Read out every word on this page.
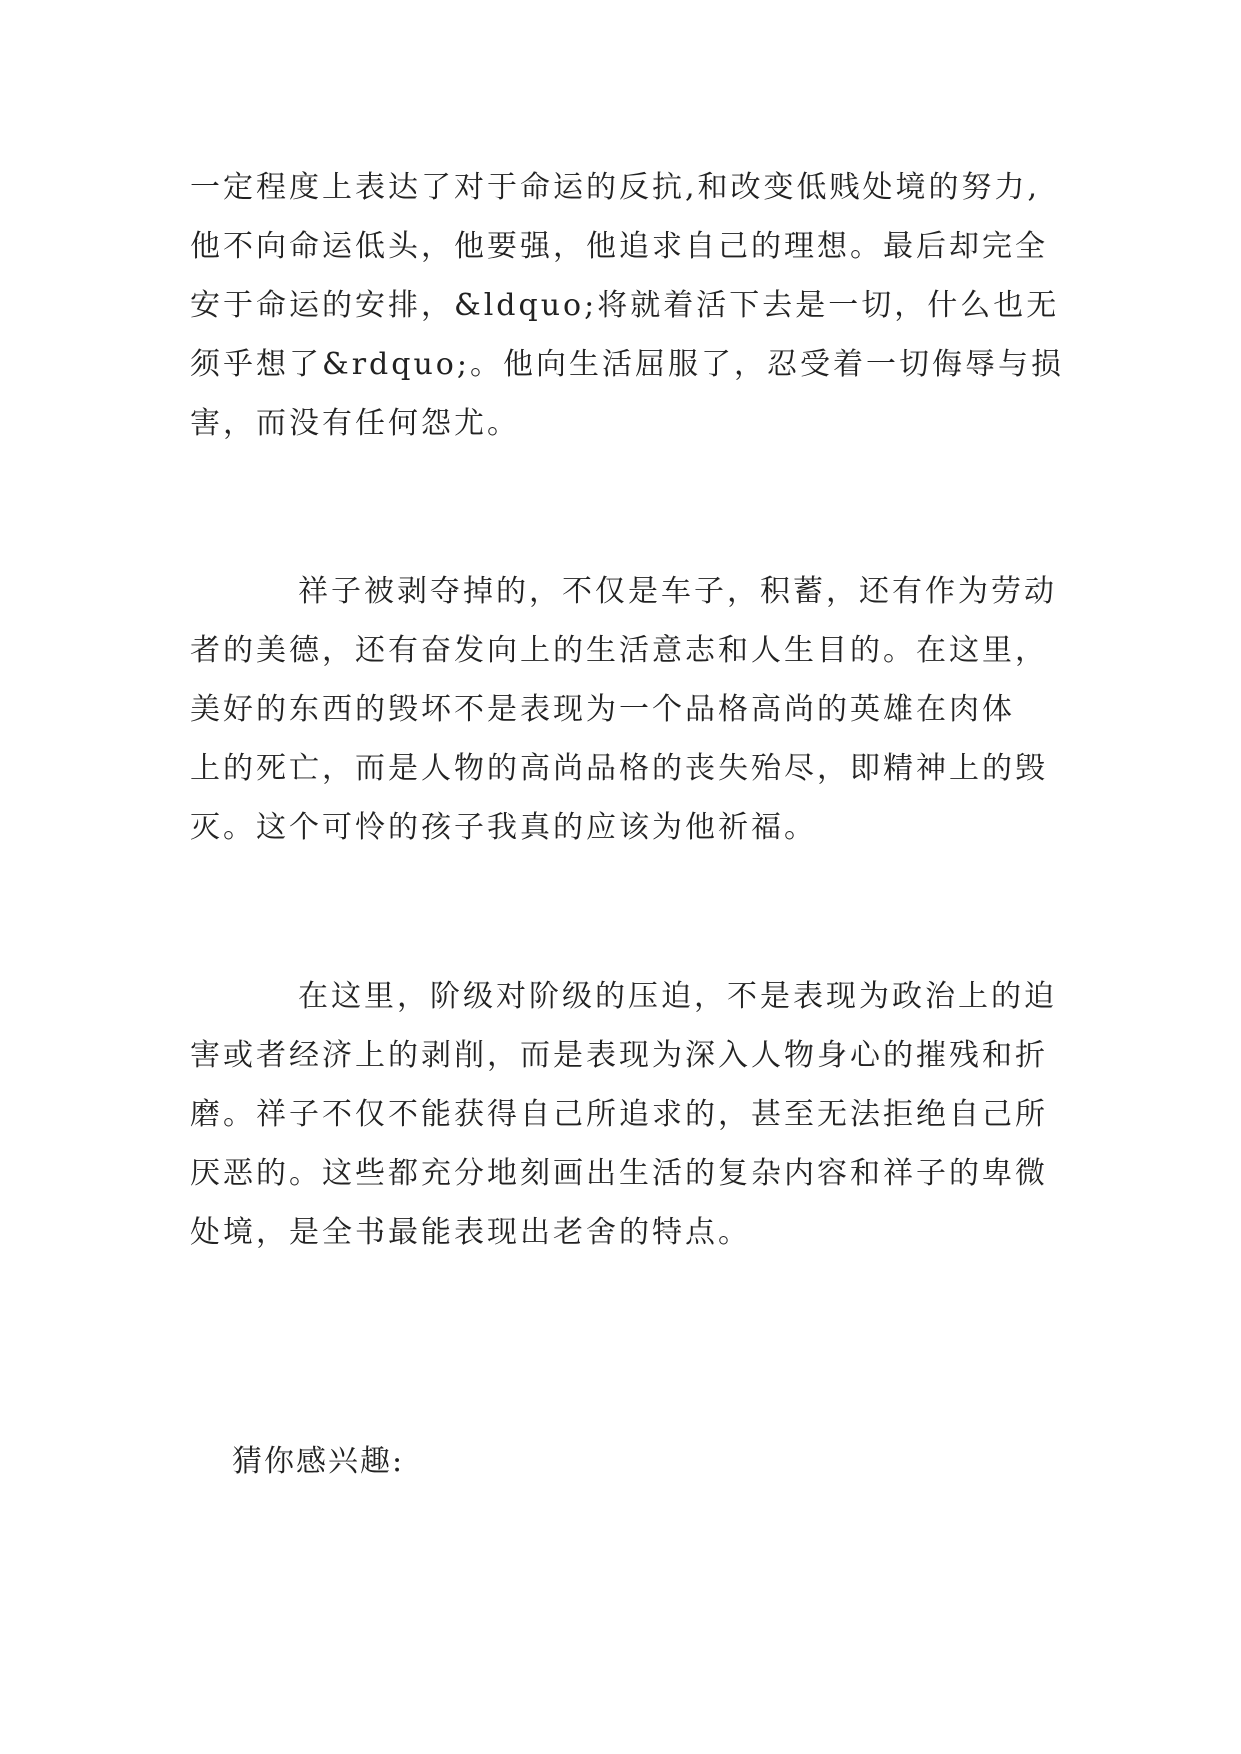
一定程度上表达了对于命运的反抗,和改变低贱处境的努力,
他不向命运低头，他要强，他追求自己的理想。最后却完全
安于命运的安排，&ldquo;将就着活下去是一切，什么也无
须乎想了&rdquo;。他向生活屈服了，忍受着一切侮辱与损
害，而没有任何怨尤。
祥子被剥夺掉的，不仅是车子，积蓄，还有作为劳动
者的美德，还有奋发向上的生活意志和人生目的。在这里，
美好的东西的毁坏不是表现为一个品格高尚的英雄在肉体
上的死亡，而是人物的高尚品格的丧失殆尽，即精神上的毁
灭。这个可怜的孩子我真的应该为他祈福。
在这里，阶级对阶级的压迫，不是表现为政治上的迫
害或者经济上的剥削，而是表现为深入人物身心的摧残和折
磨。祥子不仅不能获得自己所追求的，甚至无法拒绝自己所
厌恶的。这些都充分地刻画出生活的复杂内容和祥子的卑微
处境，是全书最能表现出老舍的特点。
猜你感兴趣:
